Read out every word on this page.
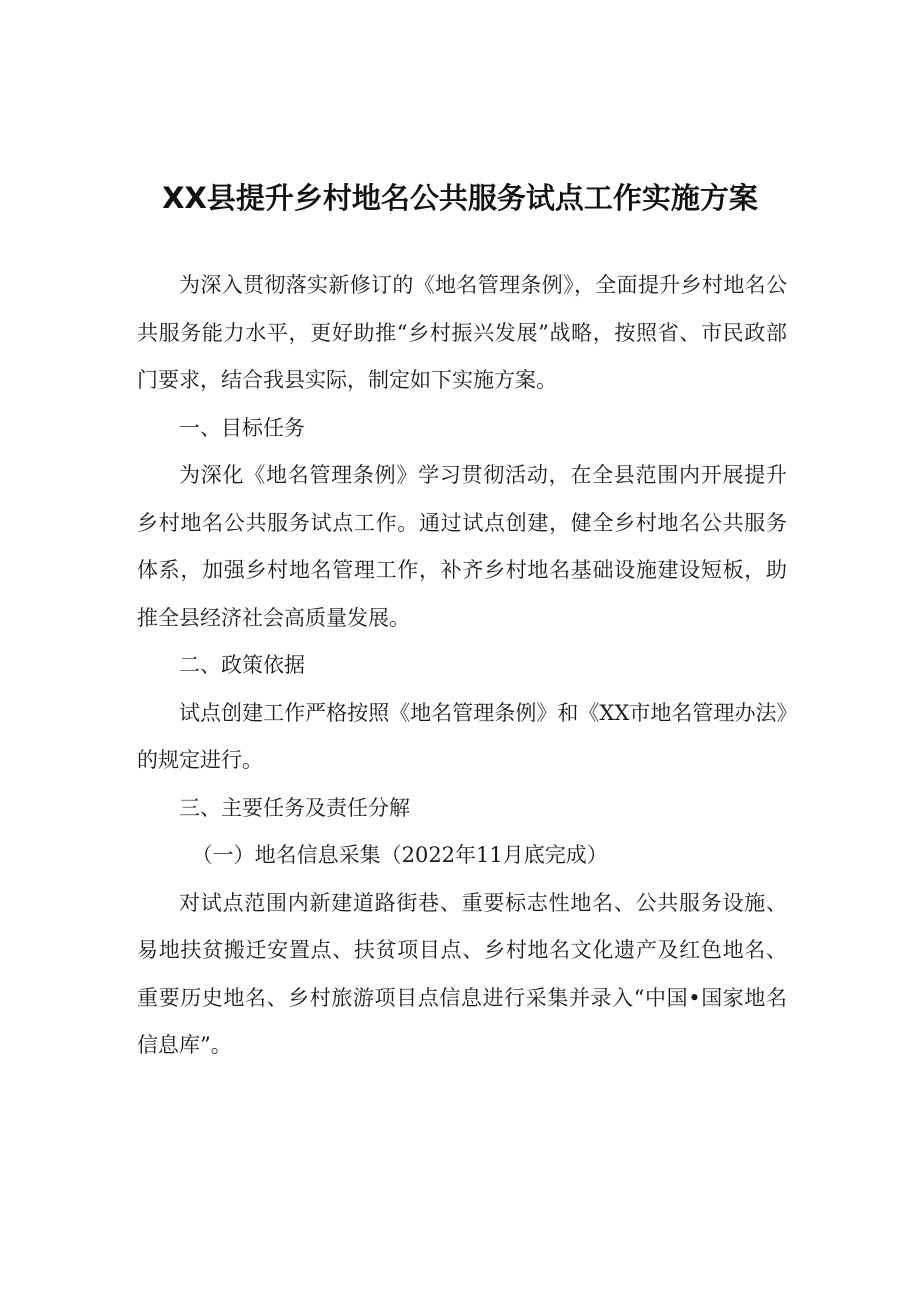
XX县提升乡村地名公共服务试点工作实施方案

为深入贯彻落实新修订的《地名管理条例》，全面提升乡村地名公共服务能力水平，更好助推“乡村振兴发展”战略，按照省、市民政部门要求，结合我县实际，制定如下实施方案。

一、目标任务

为深化《地名管理条例》学习贯彻活动，在全县范围内开展提升乡村地名公共服务试点工作。通过试点创建，健全乡村地名公共服务体系，加强乡村地名管理工作，补齐乡村地名基础设施建设短板，助推全县经济社会高质量发展。

二、政策依据

试点创建工作严格按照《地名管理条例》和《XX市地名管理办法》的规定进行。

三、主要任务及责任分解

（一）地名信息采集（2022年11月底完成）

对试点范围内新建道路街巷、重要标志性地名、公共服务设施、易地扶贫搬迁安置点、扶贫项目点、乡村地名文化遗产及红色地名、重要历史地名、乡村旅游项目点信息进行采集并录入“中国•国家地名信息库”。
